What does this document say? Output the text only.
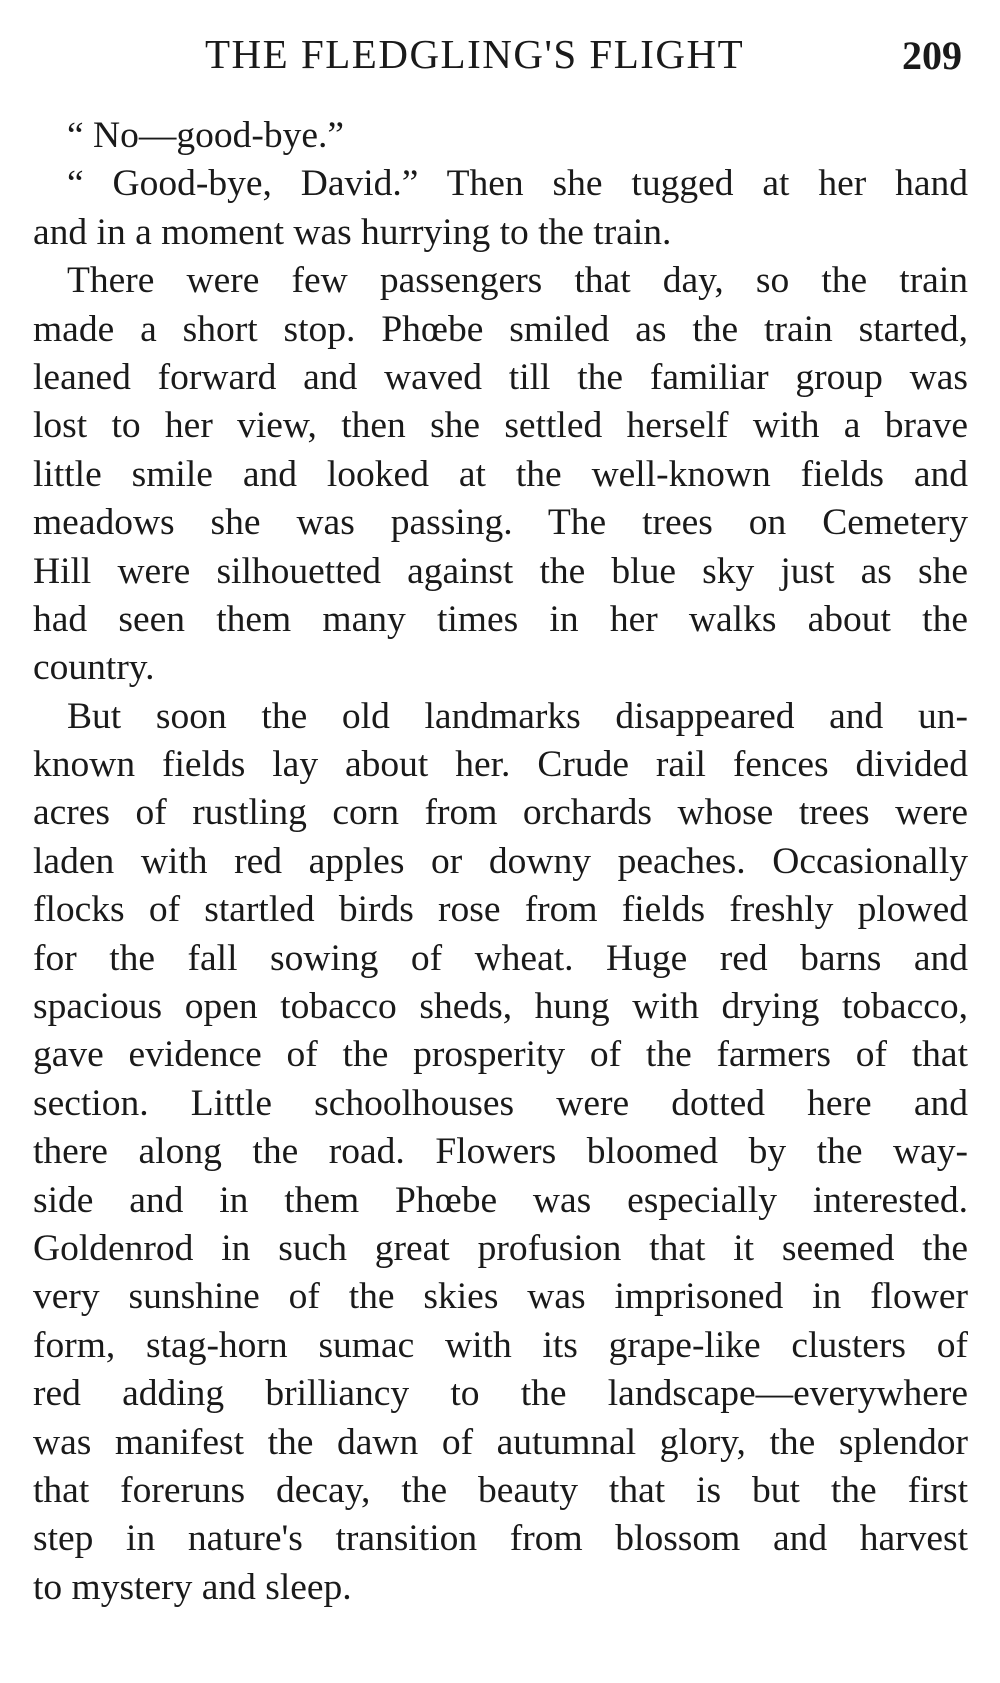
THE FLEDGLING'S FLIGHT	209
“ No—good-bye.”
“ Good-bye, David.” Then she tugged at her hand
and in a moment was hurrying to the train.
There were few passengers that day, so the train
made a short stop. Phœbe smiled as the train started,
leaned forward and waved till the familiar group was
lost to her view, then she settled herself with a brave
little smile and looked at the well-known fields and
meadows she was passing. The trees on Cemetery
Hill were silhouetted against the blue sky just as she
had seen them many times in her walks about the
country.
But soon the old landmarks disappeared and un-
known fields lay about her. Crude rail fences divided
acres of rustling corn from orchards whose trees were
laden with red apples or downy peaches. Occasionally
flocks of startled birds rose from fields freshly plowed
for the fall sowing of wheat. Huge red barns and
spacious open tobacco sheds, hung with drying tobacco,
gave evidence of the prosperity of the farmers of that
section. Little schoolhouses were dotted here and
there along the road. Flowers bloomed by the way-
side and in them Phœbe was especially interested.
Goldenrod in such great profusion that it seemed the
very sunshine of the skies was imprisoned in flower
form, stag-horn sumac with its grape-like clusters of
red adding brilliancy to the landscape—everywhere
was manifest the dawn of autumnal glory, the splendor
that foreruns decay, the beauty that is but the first
step in nature's transition from blossom and harvest
to mystery and sleep.
